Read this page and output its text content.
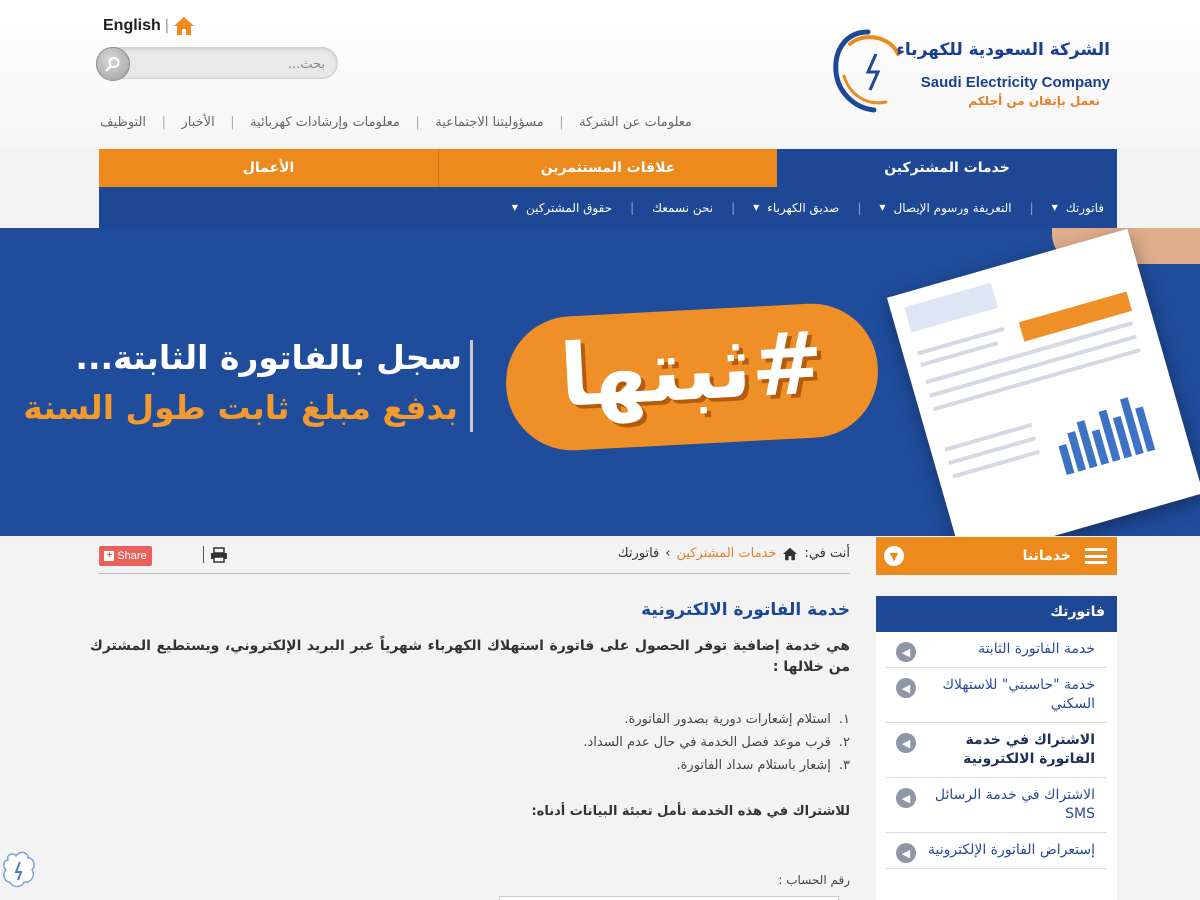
English |
بحث...
الشركة السعودية للكهرباء
Saudi Electricity Company
نعمل بإتقان من أجلكم
معلومات عن الشركة
|
مسؤوليتنا الاجتماعية
|
معلومات وإرشادات كهربائية
|
الأخبار
|
التوظيف
خدمات المشتركين
علاقات المستثمرين
الأعمال
فاتورتك
▼
|
التعريفة ورسوم الإيصال
▼
|
صديق الكهرباء
▼
|
نحن نسمعك
|
حقوق المشتركين
▼
سجل بالفاتورة الثابتة...
بدفع مبلغ ثابت طول السنة	#ثبتها
أنت في:
خدمات المشتركين
›
فاتورتك
+ Share
خدمة الفاتورة الالكترونية

هي خدمة إضافية توفر الحصول على فاتورة استهلاك الكهرباء شهرياً عبر البريد الإلكتروني، ويستطيع المشترك من خلالها :

١.استلام إشعارات دورية بصدور الفاتورة.
٢.قرب موعد فصل الخدمة في حال عدم السداد.
٣.إشعار باستلام سداد الفاتورة.
للاشتراك في هذه الخدمة نأمل تعبئة البيانات أدناه:
رقم الحساب :
خدماتنا
▼
فاتورتك
خدمة الفاتورة الثابتة
◀
خدمة "حاسبتي" للاستهلاك السكني
◀
الاشتراك في خدمة الفاتورة الالكترونية
◀
الاشتراك في خدمة الرسائل SMS
◀
إستعراض الفاتورة الإلكترونية
◀
